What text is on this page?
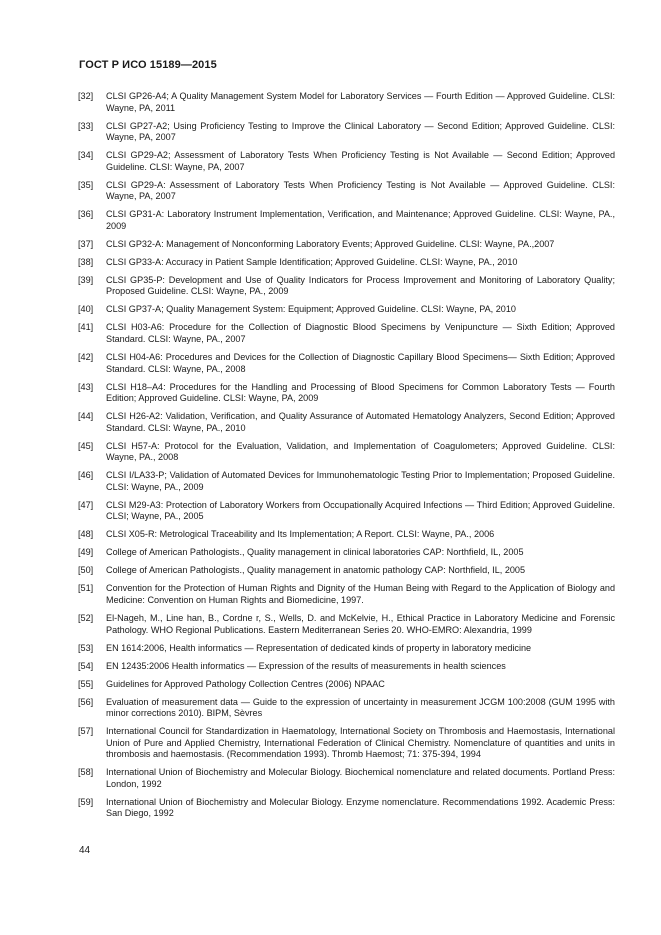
ГОСТ Р ИСО 15189—2015
[32]	CLSI GP26-A4; A Quality Management System Model for Laboratory Services — Fourth Edition — Approved Guideline. CLSI: Wayne, PA, 2011
[33]	CLSI GP27-A2; Using Proficiency Testing to Improve the Clinical Laboratory — Second Edition; Approved Guideline. CLSI: Wayne, PA, 2007
[34]	CLSI GP29-A2; Assessment of Laboratory Tests When Proficiency Testing is Not Available — Second Edition; Approved Guideline. CLSI: Wayne, PA, 2007
[35]	CLSI GP29-A: Assessment of Laboratory Tests When Proficiency Testing is Not Available — Approved Guideline. CLSI: Wayne, PA, 2007
[36]	CLSI GP31-A: Laboratory Instrument Implementation, Verification, and Maintenance; Approved Guideline. CLSI: Wayne, PA., 2009
[37]	CLSI GP32-A: Management of Nonconforming Laboratory Events; Approved Guideline. CLSI: Wayne, PA.,2007
[38]	CLSI GP33-A: Accuracy in Patient Sample Identification; Approved Guideline. CLSI: Wayne, PA., 2010
[39]	CLSI GP35-P: Development and Use of Quality Indicators for Process Improvement and Monitoring of Laboratory Quality; Proposed Guideline. CLSI: Wayne, PA., 2009
[40]	CLSI GP37-A; Quality Management System: Equipment; Approved Guideline. CLSI: Wayne, PA, 2010
[41]	CLSI H03-A6: Procedure for the Collection of Diagnostic Blood Specimens by Venipuncture — Sixth Edition; Approved Standard. CLSI: Wayne, PA., 2007
[42]	CLSI H04-A6: Procedures and Devices for the Collection of Diagnostic Capillary Blood Specimens— Sixth Edition; Approved Standard. CLSI: Wayne, PA., 2008
[43]	CLSI H18–A4: Procedures for the Handling and Processing of Blood Specimens for Common Laboratory Tests — Fourth Edition; Approved Guideline. CLSI: Wayne, PA, 2009
[44]	CLSI H26-A2: Validation, Verification, and Quality Assurance of Automated Hematology Analyzers, Second Edition; Approved Standard. CLSI: Wayne, PA., 2010
[45]	CLSI H57-A: Protocol for the Evaluation, Validation, and Implementation of Coagulometers; Approved Guideline. CLSI: Wayne, PA., 2008
[46]	CLSI I/LA33-P; Validation of Automated Devices for Immunohematologic Testing Prior to Implementation; Proposed Guideline. CLSI: Wayne, PA., 2009
[47]	CLSI M29-A3: Protection of Laboratory Workers from Occupationally Acquired Infections — Third Edition; Approved Guideline. CLSI; Wayne, PA., 2005
[48]	CLSI X05-R: Metrological Traceability and Its Implementation; A Report. CLSI: Wayne, PA., 2006
[49]	College of American Pathologists., Quality management in clinical laboratories CAP: Northfield, IL, 2005
[50]	College of American Pathologists., Quality management in anatomic pathology CAP: Northfield, IL, 2005
[51]	Convention for the Protection of Human Rights and Dignity of the Human Being with Regard to the Application of Biology and Medicine: Convention on Human Rights and Biomedicine, 1997.
[52]	El-Nageh, M., Line han, B., Cordne r, S., Wells, D. and McKelvie, H., Ethical Practice in Laboratory Medicine and Forensic Pathology. WHO Regional Publications. Eastern Mediterranean Series 20. WHO-EMRO: Alexandria, 1999
[53]	EN 1614:2006, Health informatics — Representation of dedicated kinds of property in laboratory medicine
[54]	EN 12435:2006 Health informatics — Expression of the results of measurements in health sciences
[55]	Guidelines for Approved Pathology Collection Centres (2006) NPAAC
[56]	Evaluation of measurement data — Guide to the expression of uncertainty in measurement JCGM 100:2008 (GUM 1995 with minor corrections 2010). BIPM, Sèvres
[57]	International Council for Standardization in Haematology, International Society on Thrombosis and Haemostasis, International Union of Pure and Applied Chemistry, International Federation of Clinical Chemistry. Nomenclature of quantities and units in thrombosis and haemostasis. (Recommendation 1993). Thromb Haemost; 71: 375-394, 1994
[58]	International Union of Biochemistry and Molecular Biology. Biochemical nomenclature and related documents. Portland Press: London, 1992
[59]	International Union of Biochemistry and Molecular Biology. Enzyme nomenclature. Recommendations 1992. Academic Press: San Diego, 1992
44
